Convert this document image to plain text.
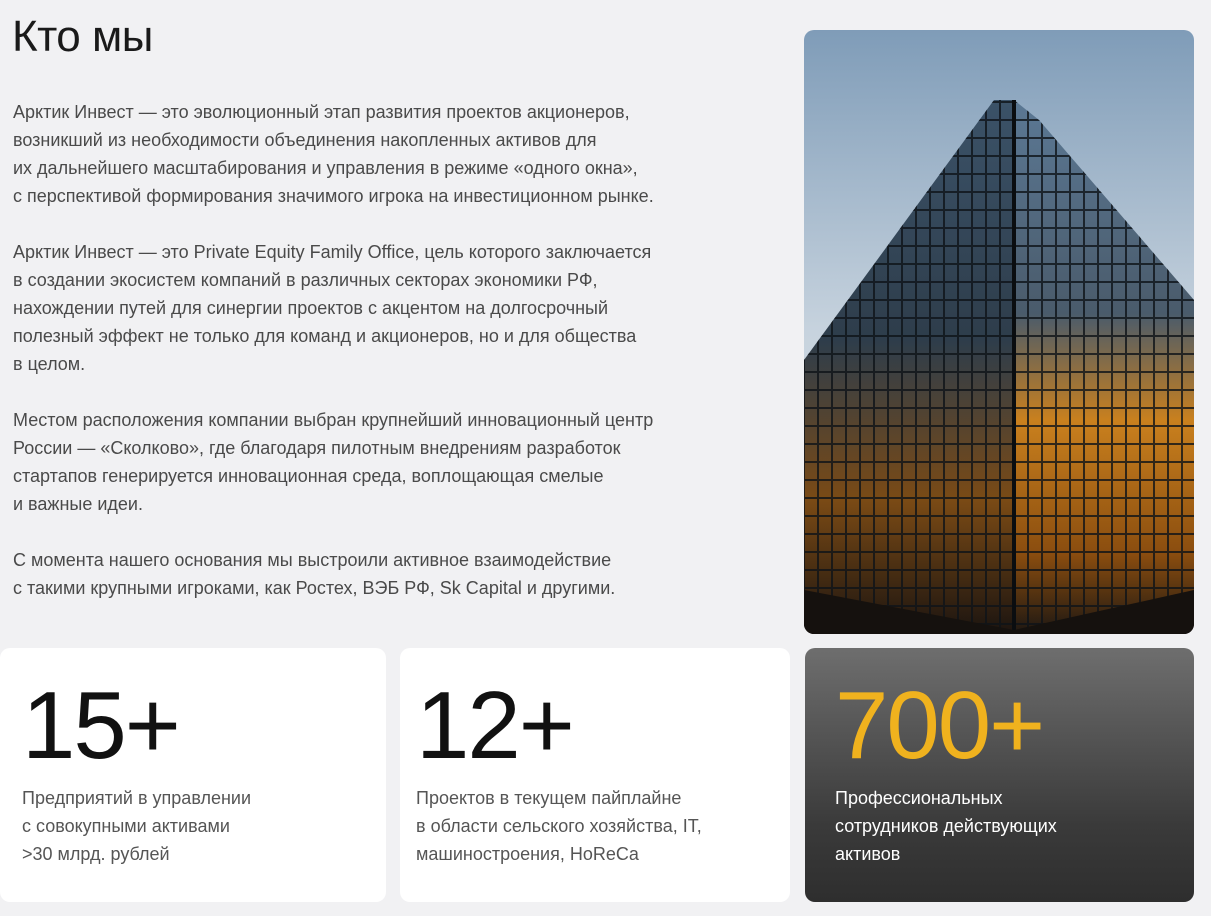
Кто мы

Арктик Инвест — это эволюционный этап развития проектов акционеров,
возникший из необходимости объединения накопленных активов для
их дальнейшего масштабирования и управления в режиме «одного окна»,
с перспективой формирования значимого игрока на инвестиционном рынке.

Арктик Инвест — это Private Equity Family Office, цель которого заключается
в создании экосистем компаний в различных секторах экономики РФ,
нахождении путей для синергии проектов с акцентом на долгосрочный
полезный эффект не только для команд и акционеров, но и для общества
в целом.

Местом расположения компании выбран крупнейший инновационный центр
России — «Сколково», где благодаря пилотным внедрениям разработок
стартапов генерируется инновационная среда, воплощающая смелые
и важные идеи.

С момента нашего основания мы выстроили активное взаимодействие
с такими крупными игроками, как Ростех, ВЭБ РФ, Sk Capital и другими.

15+
Предприятий в управлении
с совокупными активами
>30 млрд. рублей
12+
Проектов в текущем пайплайне
в области сельского хозяйства, IT,
машиностроения, HoReCa
700+
Профессиональных
сотрудников действующих
активов
